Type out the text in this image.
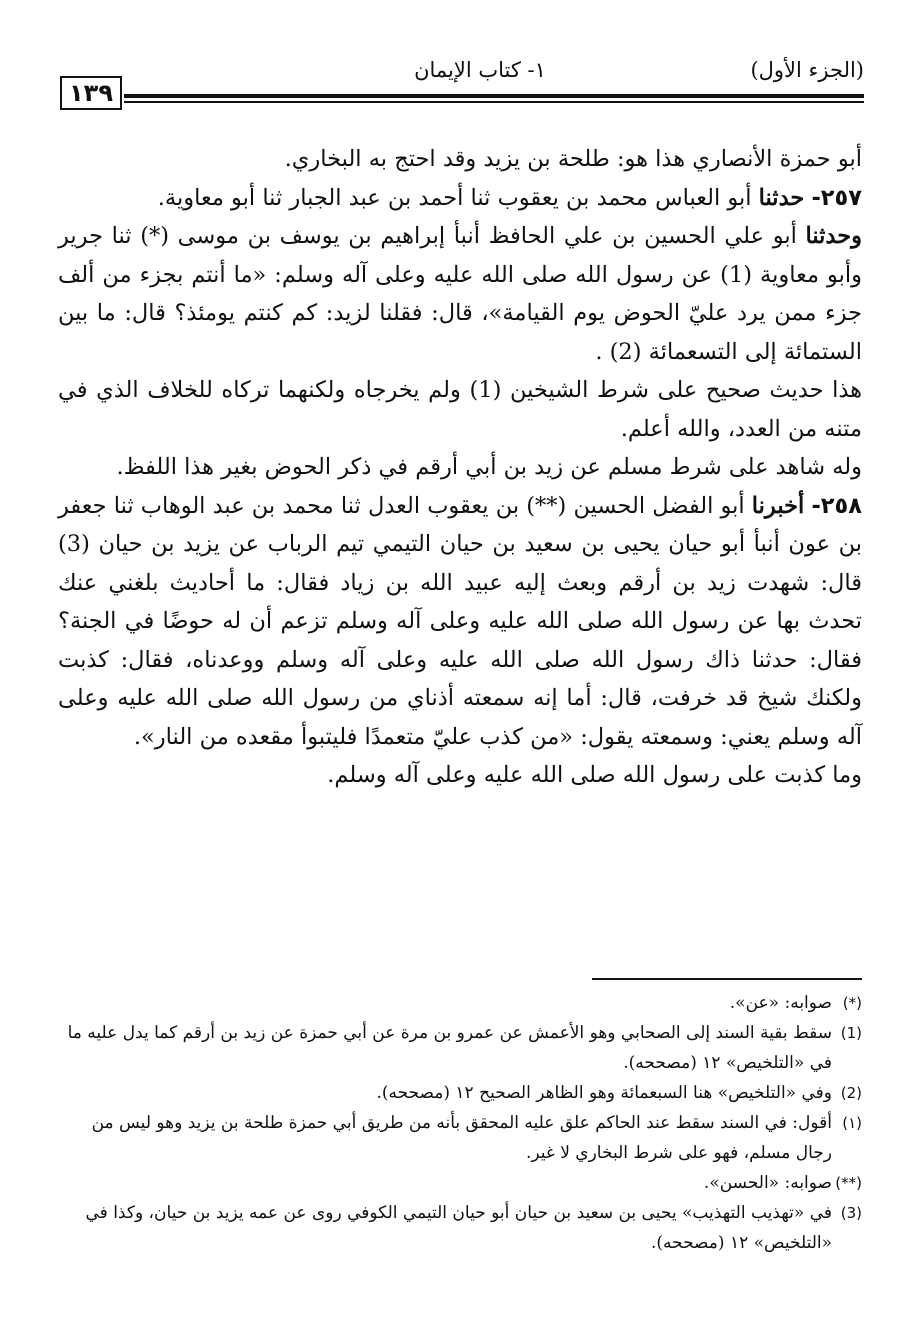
١٣٩
١- كتاب الإيمان	(الجزء الأول)

أبو حمزة الأنصاري هذا هو: طلحة بن يزيد وقد احتج به البخاري.

٢٥٧- حدثنا أبو العباس محمد بن يعقوب ثنا أحمد بن عبد الجبار ثنا أبو معاوية.

وحدثنا أبو علي الحسين بن علي الحافظ أنبأ إبراهيم بن يوسف بن موسى (*) ثنا جرير وأبو معاوية (1) عن رسول الله صلى الله عليه وعلى آله وسلم: «ما أنتم بجزء من ألف جزء ممن يرد عليّ الحوض يوم القيامة»، قال: فقلنا لزيد: كم كنتم يومئذ؟ قال: ما بين الستمائة إلى التسعمائة (2) .

هذا حديث صحيح على شرط الشيخين (1) ولم يخرجاه ولكنهما تركاه للخلاف الذي في متنه من العدد، والله أعلم.

وله شاهد على شرط مسلم عن زيد بن أبي أرقم في ذكر الحوض بغير هذا اللفظ.

٢٥٨- أخبرنا أبو الفضل الحسين (**) بن يعقوب العدل ثنا محمد بن عبد الوهاب ثنا جعفر بن عون أنبأ أبو حيان يحيى بن سعيد بن حيان التيمي تيم الرباب عن يزيد بن حيان (3) قال: شهدت زيد بن أرقم وبعث إليه عبيد الله بن زياد فقال: ما أحاديث بلغني عنك تحدث بها عن رسول الله صلى الله عليه وعلى آله وسلم تزعم أن له حوضًا في الجنة؟ فقال: حدثنا ذاك رسول الله صلى الله عليه وعلى آله وسلم ووعدناه، فقال: كذبت ولكنك شيخ قد خرفت، قال: أما إنه سمعته أذناي من رسول الله صلى الله عليه وعلى آله وسلم يعني: وسمعته يقول: «من كذب عليّ متعمدًا فليتبوأ مقعده من النار».

وما كذبت على رسول الله صلى الله عليه وعلى آله وسلم.

(*)
صوابه: «عن».
(1)
سقط بقية السند إلى الصحابي وهو الأعمش عن عمرو بن مرة عن أبي حمزة عن زيد بن أرقم كما يدل عليه ما في «التلخيص» ١٢ (مصححه).
(2)
وفي «التلخيص» هنا السبعمائة وهو الظاهر الصحيح ١٢ (مصححه).
(١)
أقول: في السند سقط عند الحاكم علق عليه المحقق بأنه من طريق أبي حمزة طلحة بن يزيد وهو ليس من رجال مسلم، فهو على شرط البخاري لا غير.
(**)
صوابه: «الحسن».
(3)
في «تهذيب التهذيب» يحيى بن سعيد بن حيان أبو حيان التيمي الكوفي روى عن عمه يزيد بن حيان، وكذا في «التلخيص» ١٢ (مصححه).
